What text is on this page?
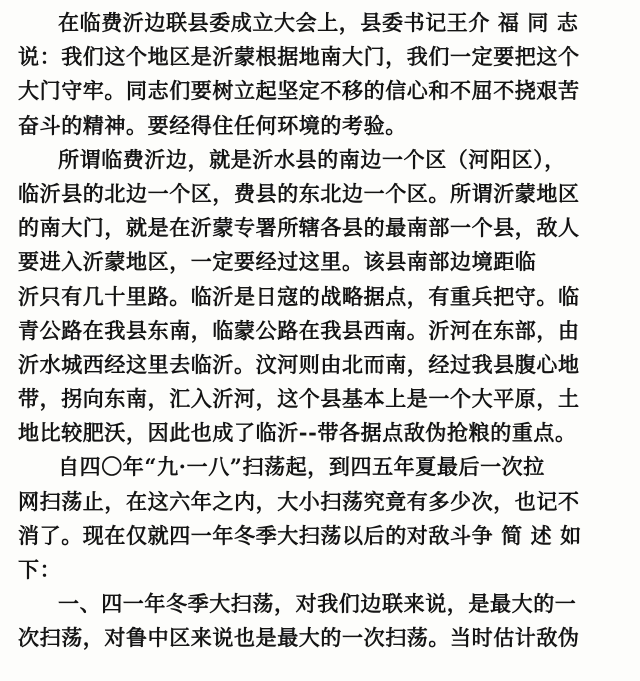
在临费沂边联县委成立大会上，县委书记王介 福 同 志
说：我们这个地区是沂蒙根据地南大门，我们一定要把这个
大门守牢。同志们要树立起坚定不移的信心和不屈不挠艰苦
奋斗的精神。要经得住任何环境的考验。
所谓临费沂边，就是沂水县的南边一个区（河阳区），
临沂县的北边一个区，费县的东北边一个区。所谓沂蒙地区
的南大门，就是在沂蒙专署所辖各县的最南部一个县，敌人
要进入沂蒙地区，一定要经过这里。该县南部边境距临
沂只有几十里路。临沂是日寇的战略据点，有重兵把守。临
青公路在我县东南，临蒙公路在我县西南。沂河在东部，由
沂水城西经这里去临沂。汶河则由北而南，经过我县腹心地
带，拐向东南，汇入沂河，这个县基本上是一个大平原，土
地比较肥沃，因此也成了临沂--带各据点敌伪抢粮的重点。
自四〇年“九·一八”扫荡起，到四五年夏最后一次拉
网扫荡止，在这六年之内，大小扫荡究竟有多少次，也记不
消了。现在仅就四一年冬季大扫荡以后的对敌斗争 简 述 如
下：
一、四一年冬季大扫荡，对我们边联来说，是最大的一
次扫荡，对鲁中区来说也是最大的一次扫荡。当时估计敌伪
